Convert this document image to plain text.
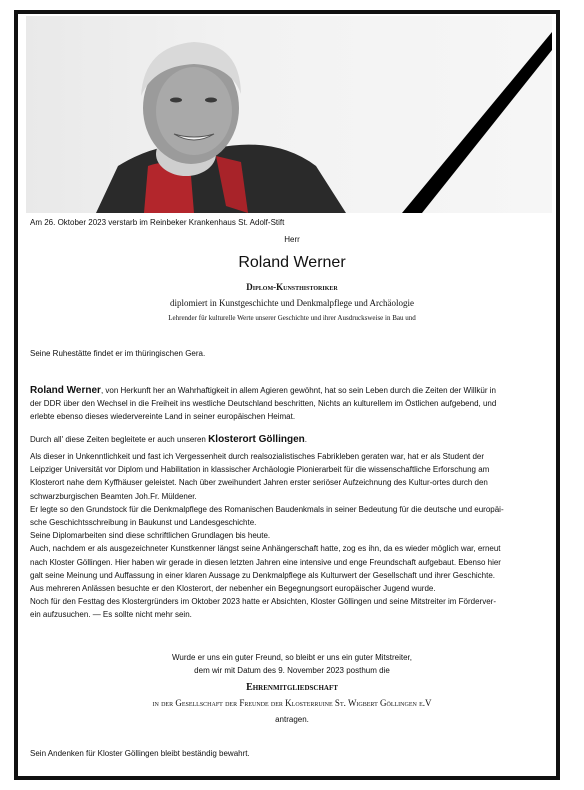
Am 26. Oktober 2023 verstarb im Reinbeker Krankenhaus St. Adolf-Stift
Herr
Roland Werner
Diplom-Kunsthistoriker
diplomiert in Kunstgeschichte und Denkmalpflege und Archäologie
Lehrender für kulturelle Werte unserer Geschichte und ihrer Ausdrucksweise in Bau und
Seine Ruhestätte findet er im thüringischen Gera.
Roland Werner, von Herkunft her an Wahrhaftigkeit in allem Agieren gewöhnt, hat so sein Leben durch die Zeiten der Willkür in
der DDR über den Wechsel in die Freiheit ins westliche Deutschland beschritten, Nichts an kulturellem im Östlichen aufgebend, und
erlebte ebenso dieses wiedervereinte Land in seiner europäischen Heimat.
Durch all' diese Zeiten begleitete er auch unseren Klosterort Göllingen.
Als dieser in Unkenntlichkeit und fast ich Vergessenheit durch realsozialistisches Fabrikleben geraten war, hat er als Student der
Leipziger Universität vor Diplom und Habilitation in klassischer Archäologie Pionierarbeit für die wissenschaftliche Erforschung am
Klosterort nahe dem Kyffhäuser geleistet. Nach über zweihundert Jahren erster seriöser Aufzeichnung des Kultur-ortes durch den
schwarzburgischen Beamten Joh.Fr. Müldener.
Er legte so den Grundstock für die Denkmalpflege des Romanischen Baudenkmals in seiner Bedeutung für die deutsche und europäi-
sche Geschichtsschreibung in Baukunst und Landesgeschichte.
Seine Diplomarbeiten sind diese schriftlichen Grundlagen bis heute.
Auch, nachdem er als ausgezeichneter Kunstkenner längst seine Anhängerschaft hatte, zog es ihn, da es wieder möglich war, erneut
nach Kloster Göllingen. Hier haben wir gerade in diesen letzten Jahren eine intensive und enge Freundschaft aufgebaut. Ebenso hier
galt seine Meinung und Auffassung in einer klaren Aussage zu Denkmalpflege als Kulturwert der Gesellschaft und ihrer Geschichte.
Aus mehreren Anlässen besuchte er den Klosterort, der nebenher ein Begegnungsort europäischer Jugend wurde.
Noch für den Festtag des Klostergründers im Oktober 2023 hatte er Absichten, Kloster Göllingen und seine Mitstreiter im Förderver-
ein aufzusuchen. — Es sollte nicht mehr sein.
Wurde er uns ein guter Freund, so bleibt er uns ein guter Mitstreiter,
dem wir mit Datum des 9. November 2023 posthum die
Ehrenmitgliedschaft
in der Gesellschaft der Freunde der Klosterruine St. Wigbert Göllingen e.V
antragen.
Sein Andenken für Kloster Göllingen bleibt beständig bewahrt.
